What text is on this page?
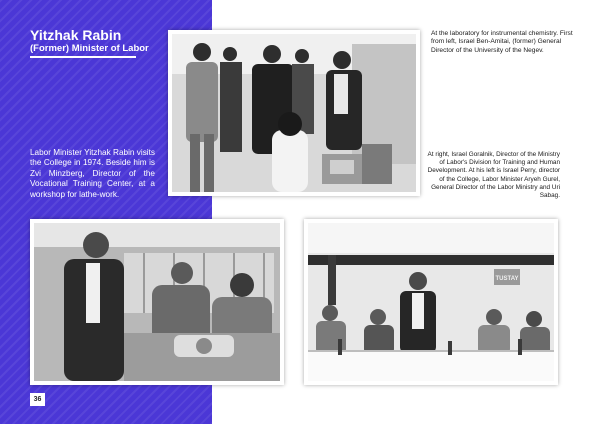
Yitzhak Rabin
(Former) Minister of Labor
Labor Minister Yitzhak Rabin visits the College in 1974. Beside him is Zvi Minzberg, Director of the Vocational Training Center, at a workshop for lathe-work.
TUSTAY
At the laboratory for instrumental chemistry. First from left, Israel Ben-Amitai, (former) General Director of the University of the Negev.
At right, Israel Goralnik, Director of the Ministry of Labor's Division for Training and Human Development. At his left is Israel Perry, director of the College, Labor Minister Aryeh Gurel, General Director of the Labor Ministry and Uri Sabag.
36
